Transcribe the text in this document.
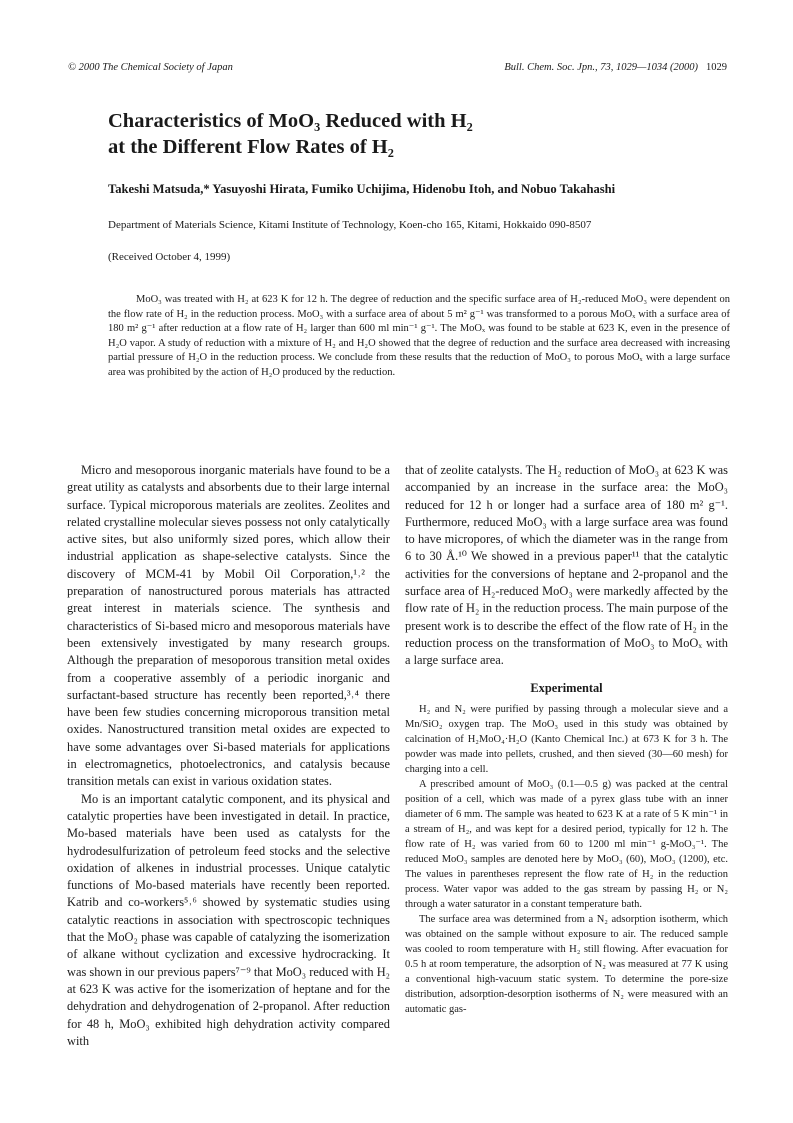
© 2000 The Chemical Society of Japan	Bull. Chem. Soc. Jpn., 73, 1029—1034 (2000) 1029
Characteristics of MoO₃ Reduced with H₂
at the Different Flow Rates of H₂
Takeshi Matsuda,* Yasuyoshi Hirata, Fumiko Uchijima, Hidenobu Itoh, and Nobuo Takahashi
Department of Materials Science, Kitami Institute of Technology, Koen-cho 165, Kitami, Hokkaido 090-8507
(Received October 4, 1999)

MoO₃ was treated with H₂ at 623 K for 12 h. The degree of reduction and the specific surface area of H₂-reduced MoO₃ were dependent on the flow rate of H₂ in the reduction process. MoO₃ with a surface area of about 5 m² g⁻¹ was transformed to a porous MoOₓ with a surface area of 180 m² g⁻¹ after reduction at a flow rate of H₂ larger than 600 ml min⁻¹ g⁻¹. The MoOₓ was found to be stable at 623 K, even in the presence of H₂O vapor. A study of reduction with a mixture of H₂ and H₂O showed that the degree of reduction and the surface area decreased with increasing partial pressure of H₂O in the reduction process. We conclude from these results that the reduction of MoO₃ to porous MoOₓ with a large surface area was prohibited by the action of H₂O produced by the reduction.

Micro and mesoporous inorganic materials have found to be a great utility as catalysts and absorbents due to their large internal surface. Typical microporous materials are zeolites. Zeolites and related crystalline molecular sieves possess not only catalytically active sites, but also uniformly sized pores, which allow their industrial application as shape-selective catalysts. Since the discovery of MCM-41 by Mobil Oil Corporation,¹˒² the preparation of nanostructured porous materials has attracted great interest in materials science. The synthesis and characteristics of Si-based micro and mesoporous materials have been extensively investigated by many research groups. Although the preparation of mesoporous transition metal oxides from a cooperative assembly of a periodic inorganic and surfactant-based structure has recently been reported,³˒⁴ there have been few studies concerning microporous transition metal oxides. Nanostructured transition metal oxides are expected to have some advantages over Si-based materials for applications in electromagnetics, photoelectronics, and catalysis because transition metals can exist in various oxidation states.

Mo is an important catalytic component, and its physical and catalytic properties have been investigated in detail. In practice, Mo-based materials have been used as catalysts for the hydrodesulfurization of petroleum feed stocks and the selective oxidation of alkenes in industrial processes. Unique catalytic functions of Mo-based materials have recently been reported. Katrib and co-workers⁵˒⁶ showed by systematic studies using catalytic reactions in association with spectroscopic techniques that the MoO₂ phase was capable of catalyzing the isomerization of alkane without cyclization and excessive hydrocracking. It was shown in our previous papers⁷⁻⁹ that MoO₃ reduced with H₂ at 623 K was active for the isomerization of heptane and for the dehydration and dehydrogenation of 2-propanol. After reduction for 48 h, MoO₃ exhibited high dehydration activity compared with

that of zeolite catalysts. The H₂ reduction of MoO₃ at 623 K was accompanied by an increase in the surface area: the MoO₃ reduced for 12 h or longer had a surface area of 180 m² g⁻¹. Furthermore, reduced MoO₃ with a large surface area was found to have micropores, of which the diameter was in the range from 6 to 30 Å.¹⁰ We showed in a previous paper¹¹ that the catalytic activities for the conversions of heptane and 2-propanol and the surface area of H₂-reduced MoO₃ were markedly affected by the flow rate of H₂ in the reduction process. The main purpose of the present work is to describe the effect of the flow rate of H₂ in the reduction process on the transformation of MoO₃ to MoOₓ with a large surface area.

Experimental

H₂ and N₂ were purified by passing through a molecular sieve and a Mn/SiO₂ oxygen trap. The MoO₃ used in this study was obtained by calcination of H₂MoO₄·H₂O (Kanto Chemical Inc.) at 673 K for 3 h. The powder was made into pellets, crushed, and then sieved (30—60 mesh) for charging into a cell.

A prescribed amount of MoO₃ (0.1—0.5 g) was packed at the central position of a cell, which was made of a pyrex glass tube with an inner diameter of 6 mm. The sample was heated to 623 K at a rate of 5 K min⁻¹ in a stream of H₂, and was kept for a desired period, typically for 12 h. The flow rate of H₂ was varied from 60 to 1200 ml min⁻¹ g-MoO₃⁻¹. The reduced MoO₃ samples are denoted here by MoO₃ (60), MoO₃ (1200), etc. The values in parentheses represent the flow rate of H₂ in the reduction process. Water vapor was added to the gas stream by passing H₂ or N₂ through a water saturator in a constant temperature bath.

The surface area was determined from a N₂ adsorption isotherm, which was obtained on the sample without exposure to air. The reduced sample was cooled to room temperature with H₂ still flowing. After evacuation for 0.5 h at room temperature, the adsorption of N₂ was measured at 77 K using a conventional high-vacuum static system. To determine the pore-size distribution, adsorption-desorption isotherms of N₂ were measured with an automatic gas-
